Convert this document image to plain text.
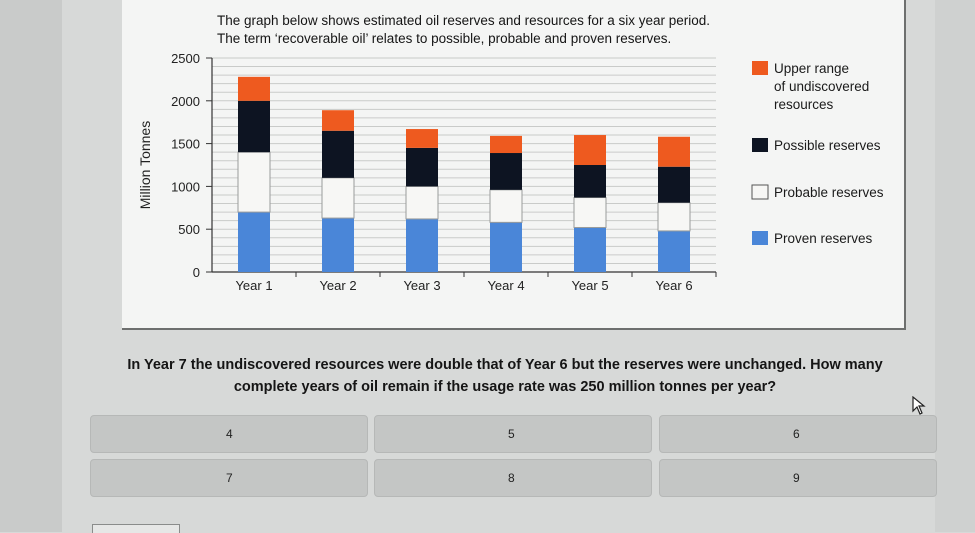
The graph below shows estimated oil reserves and resources for a six year period.
The term ‘recoverable oil’ relates to possible, probable and proven reserves.
0
500
1000
1500
2000
2500
Million Tonnes
Year 1	Year 2	Year 3	Year 4	Year 5	Year 6
Upper range
of undiscovered
resources
Possible reserves
Probable reserves
Proven reserves
In Year 7 the undiscovered resources were double that of Year 6 but the reserves were unchanged. How many
complete years of oil remain if the usage rate was 250 million tonnes per year?
4	5	6
7	8	9
